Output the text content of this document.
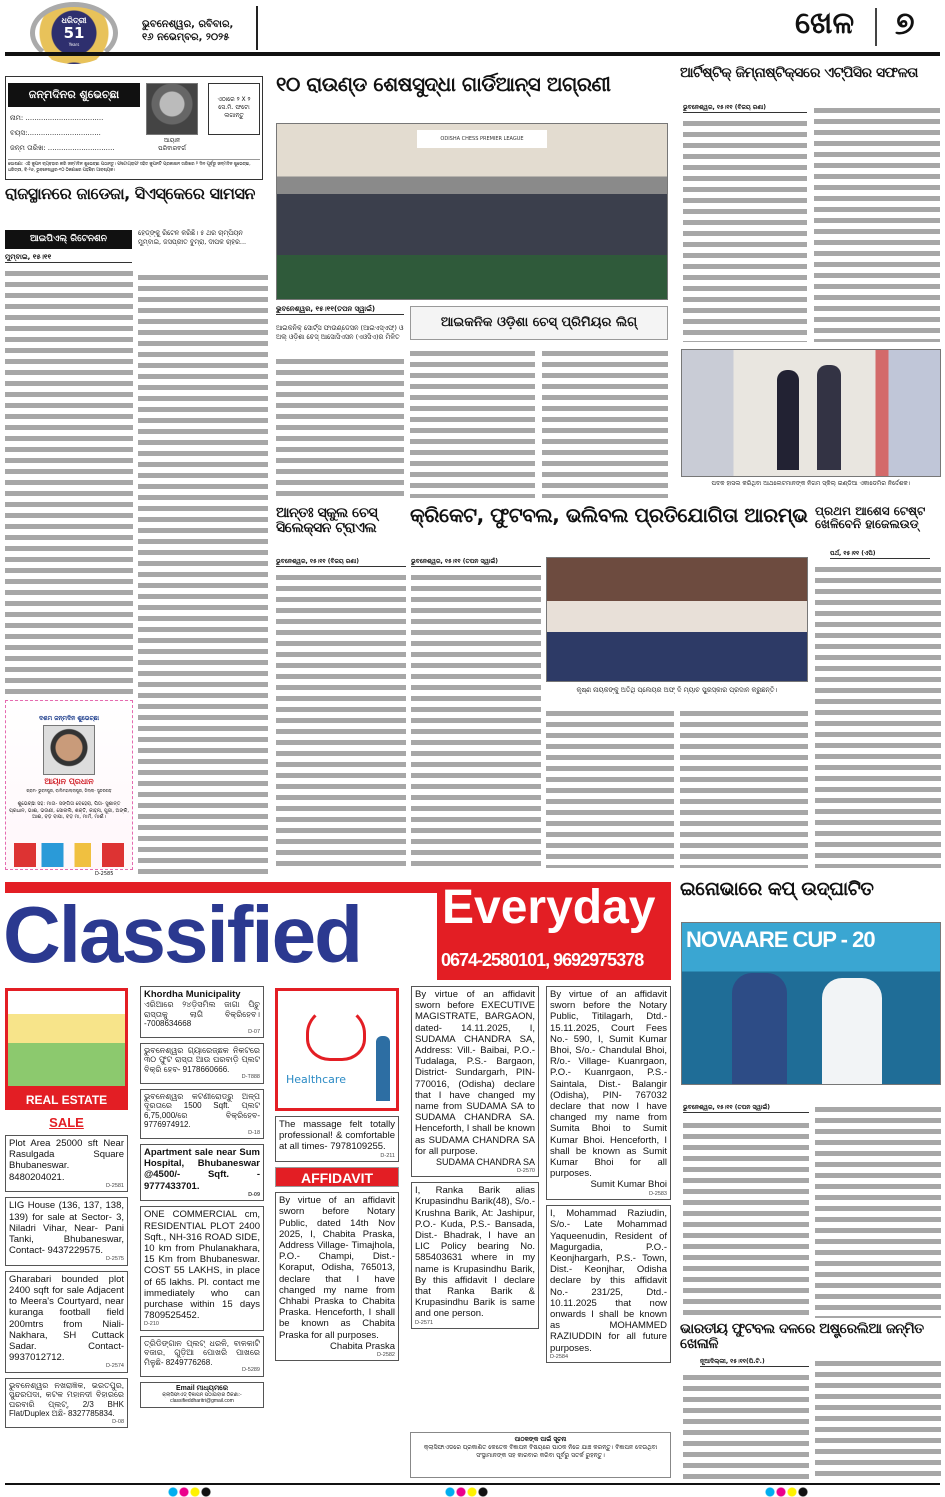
ଧରିତ୍ରୀ
51
Years
ଭୁବନେଶ୍ୱର, ରବିବାର,
୧୬ ନଭେମ୍ବର, ୨୦୨୫	ଖେଳ ୭
ଜନ୍ମଦିନର ଶୁଭେଚ୍ଛା
ନାମ: ...................................
ବୟସ:.................................
ଜନ୍ମ ତାରିଖ: ..............................
ଆୟାନ
ପରିବାରବର୍ଗ
ଏଠାରେ ୨ X ୨ ସେ.ମି. ଫଟୋ ଲଗାନ୍ତୁ
ଘୋଷଣା: ଏହି କୁପନ ବ୍ୟବହାର କରି ଜନ୍ମଦିନ ଶୁଭେଚ୍ଛା ପଠାନ୍ତୁ। ଫଟୋଗ୍ରାଫ ସହିତ କୁପନଟି ପ୍ରକାଶନ ତାରିଖର ୨ ଦିନ ପୂର୍ବରୁ ଜନ୍ମଦିନ ଶୁଭେଚ୍ଛା, ଧରିତ୍ରୀ, ବି-୨୬, ଭୁବନେଶ୍ୱର-୧୦ ଠିକଣାରେ ପହଞ୍ଚିବା ଆବଶ୍ୟକ।
ରାଜସ୍ଥାନରେ ଜାଡେଜା, ସିଏସ୍କେରେ ସାମସନ
ଆଇପିଏଲ୍ ରିଟେନଶନ
ମୁମ୍ବାଇ, ୧୫।୧୧
ହେଡ୍‌ଙ୍କୁ ରିଟେନ କରିଛି। ୫ ଥର ଚାମ୍ପିୟନ ମୁମ୍ବାଇ, ଜସପ୍ରୀତ ବୁମ୍ରା, ଦୀପକ ଚାହର...
ଦଶମ ଜନ୍ମଦିନ ଶୁଭେଚ୍ଛା
ଆୟାନ ପ୍ରଧାନ
ଗ୍ରାମ- ଭୁବନପୁର, ବାଲିମହାଲ୍ଲାପୁର, ଜିଲ୍ଲା- ସୁନ୍ଦରଗଡ଼
ଶୁଭେଚ୍ଛା ସହ: ମାତା- ସଙ୍ଗିତା ବେହେରା, ପିତା- ସୁଶାନ୍ତ ପ୍ରଧାନ, ଭାଈ, ଭଉଣୀ, ସୋନାଲି, ଶକ୍ତି, କାହ୍ନା, ପୁଜା, ଅଙ୍କି, ଆଈ, ବଡ଼ ବାପା, ବଡ଼ ମା, ମାମଁ, ମାଈଁ।
D-2585
୧୦ ରାଉଣ୍ଡ ଶେଷସୁଦ୍ଧା ଗାର୍ଡିଆନ୍ସ ଅଗ୍ରଣୀ
ODISHA CHESS PREMIER LEAGUE
ଭୁବନେଶ୍ୱର, ୧୫।୧୧(ତପନ ସ୍ୱାଇଁ)
ଆଇକନିକ୍ ସୋର୍ଟ୍ସ ଫାଉଣ୍ଡେସନ (ଆଇଏସ୍ଏଫ୍) ଓ ଅଲ୍ ଓଡ଼ିଶା ଚେସ୍ ଆସୋସିଏସନ (ଏଓସିଏ)ର ମିଳିତ
ଆଇକନିକ ଓଡ଼ିଶା ଚେସ୍ ପ୍ରିମିୟର ଲିଗ୍
ଆର୍ଟିଷ୍ଟିକ୍ ଜିମ୍ନାଷ୍ଟିକ୍ସରେ ଏଟ୍‌ପିସିର ସଫଳତା
ଭୁବନେଶ୍ୱର, ୧୫।୧୧ (ବିଜୟ ରଣା)
ପଦକ ହାସଲ କରିଥିବା ଆଥଲେଟମାନଙ୍କ ନିଗମ ସ୍କିଲ୍ ଇଣ୍ଡିଆ ଏକାଡେମିର ନିର୍ଦ୍ଦେଶକ।
ଆନ୍ତଃ ସ୍କୁଲ ଚେସ୍ ସିଲେକ୍ସନ ଟ୍ରାଏଲ
ଭୁବନେଶ୍ୱର, ୧୫।୧୧ (ବିଜୟ ରଣା)
କ୍ରିକେଟ, ଫୁଟବଲ, ଭଲିବଲ ପ୍ରତିଯୋଗିତା ଆରମ୍ଭ
ଭୁବନେଶ୍ୱର, ୧୫।୧୧ (ତପନ ସ୍ୱାଇଁ)
କୃଷ୍ଣ ନାୟକଙ୍କୁ ଅତିଥି ପ୍ଲେୟର ଅଫ୍ ଦି ମ୍ୟାଚ ପୁରସ୍କାର ପ୍ରଦାନ କରୁଛନ୍ତି।
ପ୍ରଥମ ଆଶେସ ଟେଷ୍ଟ ଖେଳିବେନି ହାଜେଲଉଡ୍
ପର୍ଥ, ୧୫।୧୧ (ଏପି)
Classified Everyday
0674-2580101, 9692975378
REAL ESTATE
SALE
Plot Area 25000 sft Near Rasulgada Square Bhubaneswar. 8480204021.
D-2581
LIG House (136, 137, 138, 139) for sale at Sector- 3, Niladri Vihar, Near- Pani Tanki, Bhubaneswar, Contact- 9437229575.
D-2575
Gharabari bounded plot 2400 sqft for sale Adjacent to Meera's Courtyard, near kuranga football field 200mtrs from Niali- Nakhara, SH Cuttack Sadar. Contact- 9937012712.
D-2574
ଭୁବନେଶ୍ୱର ନଖରାଜ୍ଞକ, ଭରତପୁର, ସୁନ୍ଦରପଦା, କଟକ ମହାନଦୀ ବିହାରରେ ଘରବାରି ପ୍ଲଟ୍, 2/3 BHK Flat/Duplex ଅଛି- 8327785834.
D-08
Khordha Municipality
ଏରିଆରେ ୨୪ଡ଼ିସମିଲ ଜାଗା ପିଚୁ ରାସ୍ତାକୁ ଲାଗି ବିକ୍ରିହେବ। -7008634668
D-07
ଭୁବନେଶ୍ୱର ଗ୍ୟାରେଜ୍‌ଛକ ନିକଟରେ ୩୦ ଫୁଟ ରାସ୍ତା ଆଉ ଘରବାଡ଼ି ପ୍ଲଟ ବିକ୍ରି ହେବ- 9178660666.
D-T888
ଭୁବନେଶ୍ୱର କଟଣୀରୋଡ୍‌ରୁ ଅଳ୍ପ ଦୂରତାରେ 1500 Sqft. ପ୍ଲଟ 6,75,000/ରେ ବିକ୍ରିହେବ- 9776974912.
D-18
Apartment sale near Sum Hospital, Bhubaneswar @4500/- Sqft. - 9777433701.
D-09
ONE COMMERCIAL cm, RESIDENTIAL PLOT 2400 Sqft., NH-316 ROAD SIDE, 10 km from Phulanakhara, 15 Km from Bhubaneswar. COST 55 LAKHS, in place of 65 lakhs. Pl. contact me immediately who can purchase within 15 days 7809525452.
D-210
ତ୍ରିଡିଙ୍ଗାନ ପ୍ଲଟ୍ ଧରଳି, ବାଳକାଟି ବଜାର, ଗୁଡ଼ିଆ ପୋଖରି ପାଖରେ ମିଳୁଛି- 8249776268.
D-5289
Email ମାଧ୍ୟମରେ
କ୍ଲାସିଫାଏଡ୍‌ ବିଜ୍ଞାପନ ପଠାଇବାର ଠିକଣା:- classifieddharitri@gmail.com
Healthcare
The massage felt totally professional! & comfortable at all times- 7978109255.
D-211
AFFIDAVIT
By virtue of an affidavit sworn before Notary Public, dated 14th Nov 2025, I, Chabita Praska, Address Village- Timajhola, P.O.- Champi, Dist.- Koraput, Odisha, 765013, declare that I have changed my name from Chhabi Praska to Chabita Praska. Henceforth, I shall be known as Chabita Praska for all purposes.
Chabita Praska
D-2582
By virtue of an affidavit sworn before EXECUTIVE MAGISTRATE, BARGAON, dated- 14.11.2025, I, SUDAMA CHANDRA SA, Address: Vill.- Baibai, P.O.- Tudalaga, P.S.- Bargaon, District- Sundargarh, PIN- 770016, (Odisha) declare that I have changed my name from SUDAMA SA to SUDAMA CHANDRA SA. Henceforth, I shall be known as SUDAMA CHANDRA SA for all purpose.
SUDAMA CHANDRA SA
D-2570
I, Ranka Barik alias Krupasindhu Barik(48), S/o.- Krushna Barik, At: Jashipur, P.O.- Kuda, P.S.- Bansada, Dist.- Bhadrak, I have an LIC Policy bearing No. 585403631 where in my name is Krupasindhu Barik, By this affidavit I declare that Ranka Barik & Krupasindhu Barik is same and one person.
D-2571
By virtue of an affidavit sworn before the Notary Public, Titilagarh, Dtd.- 15.11.2025, Court Fees No.- 590, I, Sumit Kumar Bhoi, S/o.- Chandulal Bhoi, R/o.- Village- Kuanrgaon, P.O.- Kuanrgaon, P.S.- Saintala, Dist.- Balangir (Odisha), PIN- 767032 declare that now I have changed my name from Sumita Bhoi to Sumit Kumar Bhoi. Henceforth, I shall be known as Sumit Kumar Bhoi for all purposes.
Sumit Kumar Bhoi
D-2583
I, Mohammad Raziudin, S/o.- Late Mohammad Yaqueenudin, Resident of Magurgadia, P.O.- Keonjhargarh, P.S.- Town, Dist.- Keonjhar, Odisha declare by this affidavit No.- 231/25, Dtd.- 10.11.2025 that now onwards I shall be known as MOHAMMED RAZIUDDIN for all future purposes.
D-2584
ପାଠକଙ୍କ ପାଇଁ ସୂଚନା
କ୍ଲାସିଫାଏଡରେ ପ୍ରକାଶିତ କେତେକ ବିଜ୍ଞାପନ ବିଷୟରେ ପାଠକ ନିଜେ ଯାଞ୍ଚ କରନ୍ତୁ। ବିଜ୍ଞାପନ ଦେଉଥିବା ସଂସ୍ଥାମାନଙ୍କ ସହ କାରବାର କରିବା ପୂର୍ବରୁ ସତର୍କ ରୁହନ୍ତୁ।
ଇନୋଭାରେ କପ୍ ଉଦ୍‌ଘାଟିତ
NOVAARE CUP - 20
ଭୁବନେଶ୍ୱର, ୧୫।୧୧ (ତପନ ସ୍ୱାଇଁ)
ଭାରତୀୟ ଫୁଟବଲ ଦଳରେ ଅଷ୍ଟ୍ରେଲିଆ ଜନ୍ମିତ ଖେଳାଳି
ନୂଆଦିଲ୍ଲୀ, ୧୫।୧୧(ପି.ଟି.)
